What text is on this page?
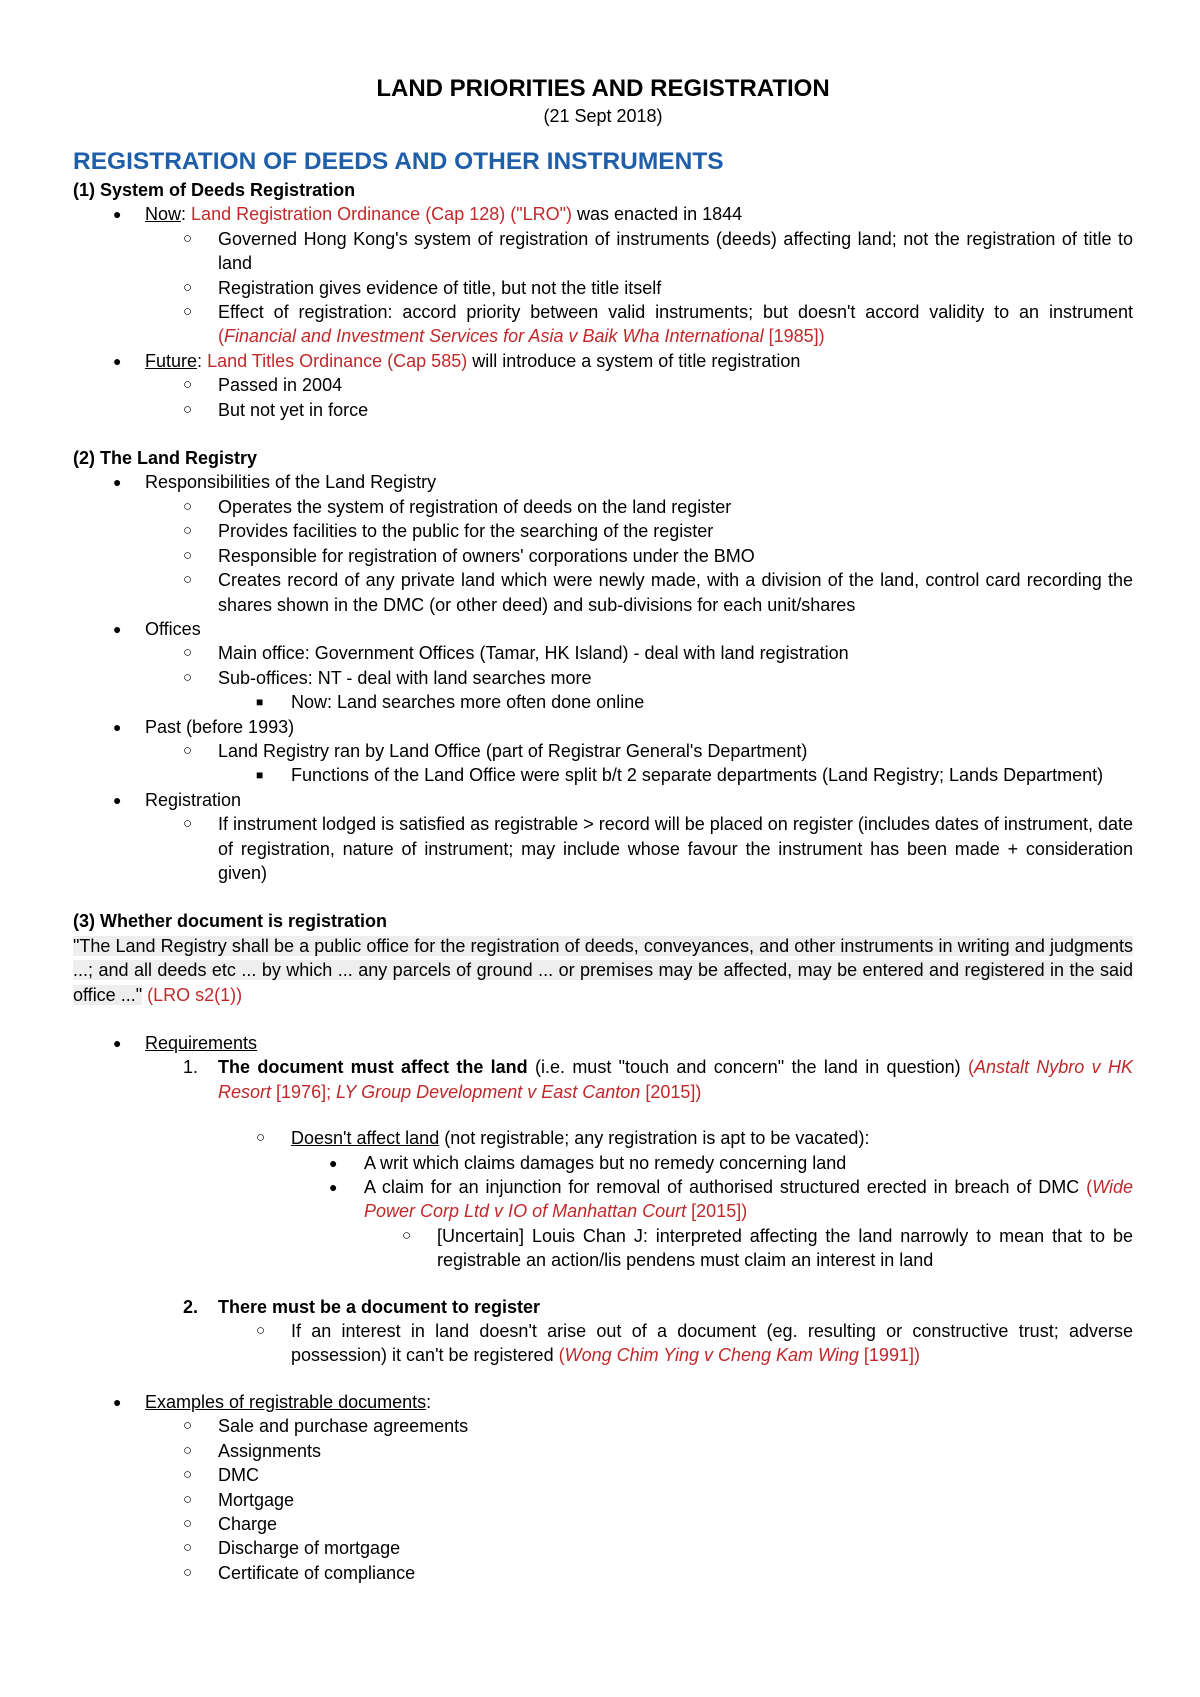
LAND PRIORITIES AND REGISTRATION

(21 Sept 2018)

REGISTRATION OF DEEDS AND OTHER INSTRUMENTS

(1) System of Deeds Registration

● Now: Land Registration Ordinance (Cap 128) ("LRO") was enacted in 1844
○ Governed Hong Kong's system of registration of instruments (deeds) affecting land; not the registration of title to land
○ Registration gives evidence of title, but not the title itself
○ Effect of registration: accord priority between valid instruments; but doesn't accord validity to an instrument (Financial and Investment Services for Asia v Baik Wha International [1985])
● Future: Land Titles Ordinance (Cap 585) will introduce a system of title registration
○ Passed in 2004
○ But not yet in force

(2) The Land Registry

● Responsibilities of the Land Registry
○ Operates the system of registration of deeds on the land register
○ Provides facilities to the public for the searching of the register
○ Responsible for registration of owners' corporations under the BMO
○ Creates record of any private land which were newly made, with a division of the land, control card recording the shares shown in the DMC (or other deed) and sub-divisions for each unit/shares
● Offices
○ Main office: Government Offices (Tamar, HK Island) - deal with land registration
○ Sub-offices: NT - deal with land searches more
■ Now: Land searches more often done online
● Past (before 1993)
○ Land Registry ran by Land Office (part of Registrar General's Department)
■ Functions of the Land Office were split b/t 2 separate departments (Land Registry; Lands Department)
● Registration
○ If instrument lodged is satisfied as registrable > record will be placed on register (includes dates of instrument, date of registration, nature of instrument; may include whose favour the instrument has been made + consideration given)

(3) Whether document is registration

"The Land Registry shall be a public office for the registration of deeds, conveyances, and other instruments in writing and judgments ...; and all deeds etc ... by which ... any parcels of ground ... or premises may be affected, may be entered and registered in the said office ..." (LRO s2(1))

● Requirements
1. The document must affect the land (i.e. must "touch and concern" the land in question) (Anstalt Nybro v HK Resort [1976]; LY Group Development v East Canton [2015])
○ Doesn't affect land (not registrable; any registration is apt to be vacated):
● A writ which claims damages but no remedy concerning land
● A claim for an injunction for removal of authorised structured erected in breach of DMC (Wide Power Corp Ltd v IO of Manhattan Court [2015])
○ [Uncertain] Louis Chan J: interpreted affecting the land narrowly to mean that to be registrable an action/lis pendens must claim an interest in land
2. There must be a document to register
○ If an interest in land doesn't arise out of a document (eg. resulting or constructive trust; adverse possession) it can't be registered (Wong Chim Ying v Cheng Kam Wing [1991])
● Examples of registrable documents:
○ Sale and purchase agreements
○ Assignments
○ DMC
○ Mortgage
○ Charge
○ Discharge of mortgage
○ Certificate of compliance
